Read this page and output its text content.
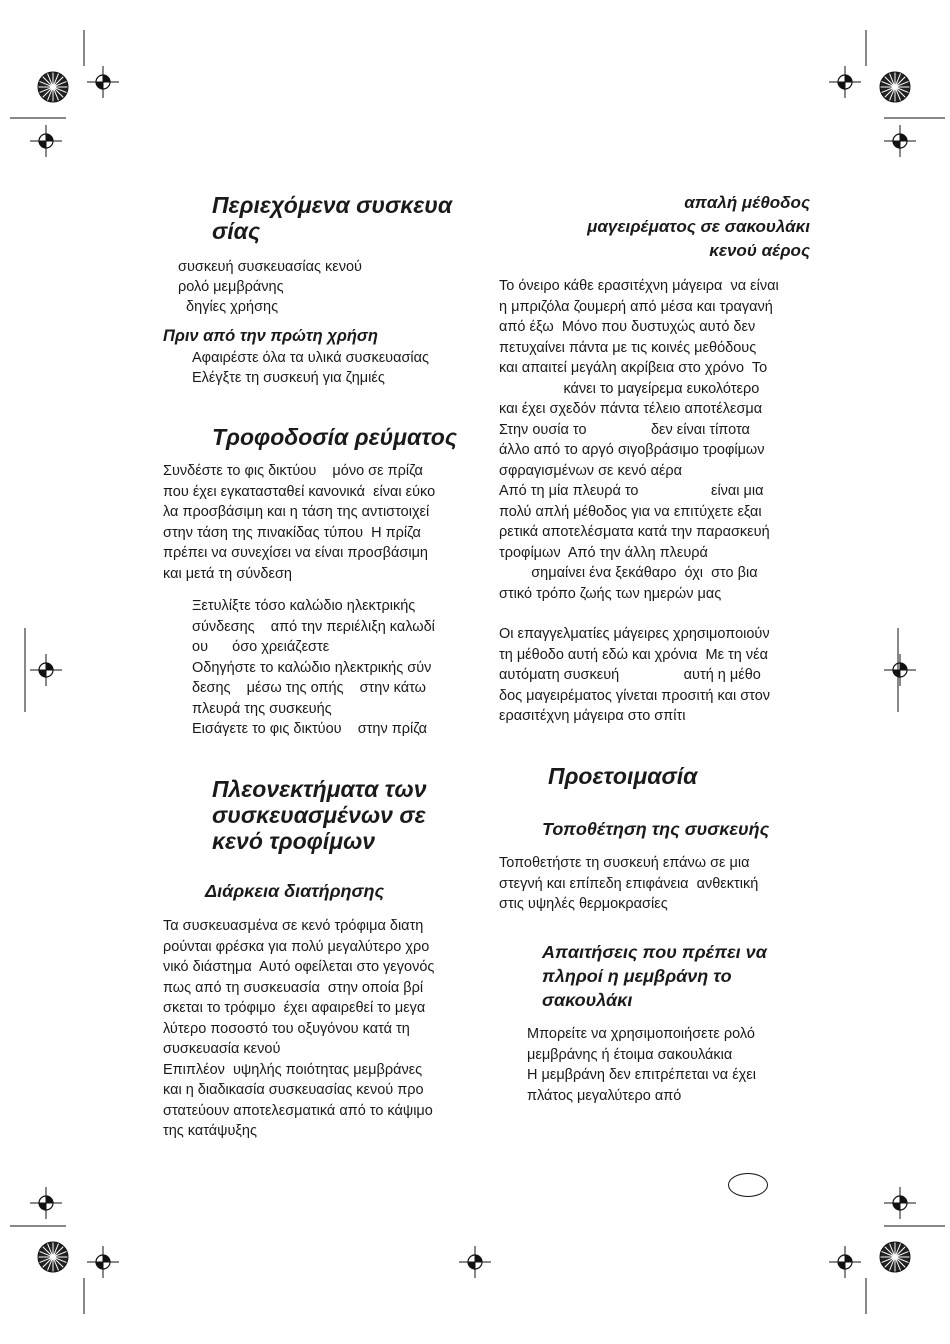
Περιεχόμενα συσκευα
σίας
συσκευή συσκευασίας κενού
ρολό μεμβράνης
δηγίες χρήσης
Πριν από την πρώτη χρήση
Αφαιρέστε όλα τα υλικά συσκευασίας
Ελέγξτε τη συσκευή για ζημιές
Τροφοδοσία ρεύματος
Συνδέστε το φις δικτύου    μόνο σε πρίζα
που έχει εγκατασταθεί κανονικά  είναι εύκο
λα προσβάσιμη και η τάση της αντιστοιχεί
στην τάση της πινακίδας τύπου  Η πρίζα
πρέπει να συνεχίσει να είναι προσβάσιμη
και μετά τη σύνδεση
Ξετυλίξτε τόσο καλώδιο ηλεκτρικής
σύνδεσης    από την περιέλιξη καλωδί
ου      όσο χρειάζεστε
Οδηγήστε το καλώδιο ηλεκτρικής σύν
δεσης    μέσω της οπής    στην κάτω
πλευρά της συσκευής
Εισάγετε το φις δικτύου    στην πρίζα
Πλεονεκτήματα των
συσκευασμένων σε
κενό τροφίμων
Διάρκεια διατήρησης
Τα συσκευασμένα σε κενό τρόφιμα διατη
ρούνται φρέσκα για πολύ μεγαλύτερο χρο
νικό διάστημα  Αυτό οφείλεται στο γεγονός
πως από τη συσκευασία  στην οποία βρί
σκεται το τρόφιμο  έχει αφαιρεθεί το μεγα
λύτερο ποσοστό του οξυγόνου κατά τη
συσκευασία κενού
Επιπλέον  υψηλής ποιότητας μεμβράνες
και η διαδικασία συσκευασίας κενού προ
στατεύουν αποτελεσματικά από το κάψιμο
της κατάψυξης
απαλή μέθοδος
μαγειρέματος σε σακουλάκι
κενού αέρος
Το όνειρο κάθε ερασιτέχνη μάγειρα  να είναι
η μπριζόλα ζουμερή από μέσα και τραγανή
από έξω  Μόνο που δυστυχώς αυτό δεν
πετυχαίνει πάντα με τις κοινές μεθόδους
και απαιτεί μεγάλη ακρίβεια στο χρόνο  Το
κάνει το μαγείρεμα ευκολότερο
και έχει σχεδόν πάντα τέλειο αποτέλεσμα
Στην ουσία το                δεν είναι τίποτα
άλλο από το αργό σιγοβράσιμο τροφίμων
σφραγισμένων σε κενό αέρα
Από τη μία πλευρά το                  είναι μια
πολύ απλή μέθοδος για να επιτύχετε εξαι
ρετικά αποτελέσματα κατά την παρασκευή
τροφίμων  Από την άλλη πλευρά
σημαίνει ένα ξεκάθαρο  όχι  στο βια
στικό τρόπο ζωής των ημερών μας
Οι επαγγελματίες μάγειρες χρησιμοποιούν
τη μέθοδο αυτή εδώ και χρόνια  Με τη νέα
αυτόματη συσκευή                αυτή η μέθο
δος μαγειρέματος γίνεται προσιτή και στον
ερασιτέχνη μάγειρα στο σπίτι
Προετοιμασία
Τοποθέτηση της συσκευής
Τοποθετήστε τη συσκευή επάνω σε μια
στεγνή και επίπεδη επιφάνεια  ανθεκτική
στις υψηλές θερμοκρασίες
Απαιτήσεις που πρέπει να
πληροί η μεμβράνη το
σακουλάκι
Μπορείτε να χρησιμοποιήσετε ρολό
μεμβράνης ή έτοιμα σακουλάκια
Η μεμβράνη δεν επιτρέπεται να έχει
πλάτος μεγαλύτερο από
